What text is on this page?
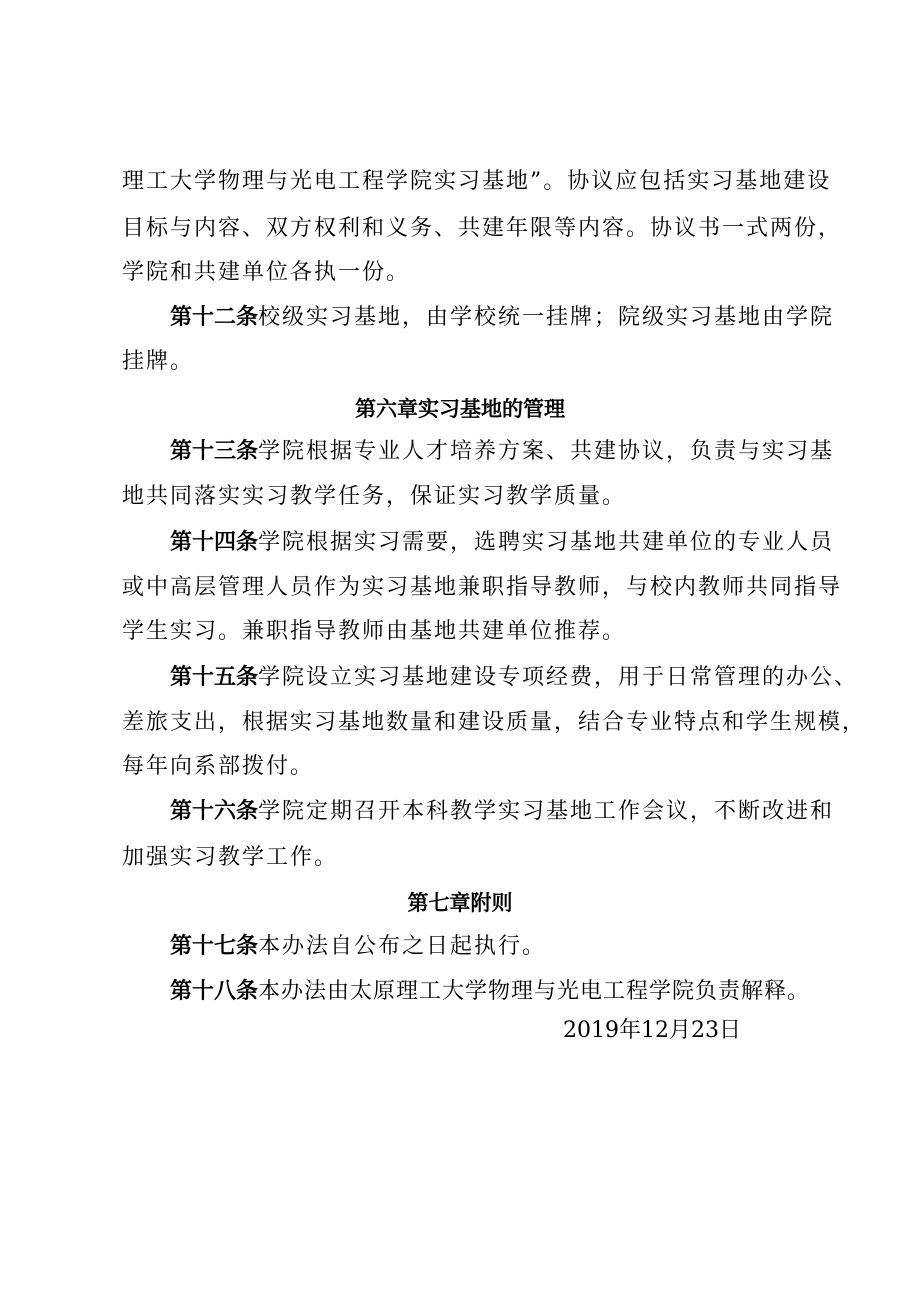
理工大学物理与光电工程学院实习基地”。协议应包括实习基地建设
目标与内容、双方权利和义务、共建年限等内容。协议书一式两份，
学院和共建单位各执一份。
第十二条校级实习基地，由学校统一挂牌；院级实习基地由学院
挂牌。
第六章实习基地的管理
第十三条学院根据专业人才培养方案、共建协议，负责与实习基
地共同落实实习教学任务，保证实习教学质量。
第十四条学院根据实习需要，选聘实习基地共建单位的专业人员
或中高层管理人员作为实习基地兼职指导教师，与校内教师共同指导
学生实习。兼职指导教师由基地共建单位推荐。
第十五条学院设立实习基地建设专项经费，用于日常管理的办公、
差旅支出，根据实习基地数量和建设质量，结合专业特点和学生规模，
每年向系部拨付。
第十六条学院定期召开本科教学实习基地工作会议，不断改进和
加强实习教学工作。
第七章附则
第十七条本办法自公布之日起执行。
第十八条本办法由太原理工大学物理与光电工程学院负责解释。
2019年12月23日
